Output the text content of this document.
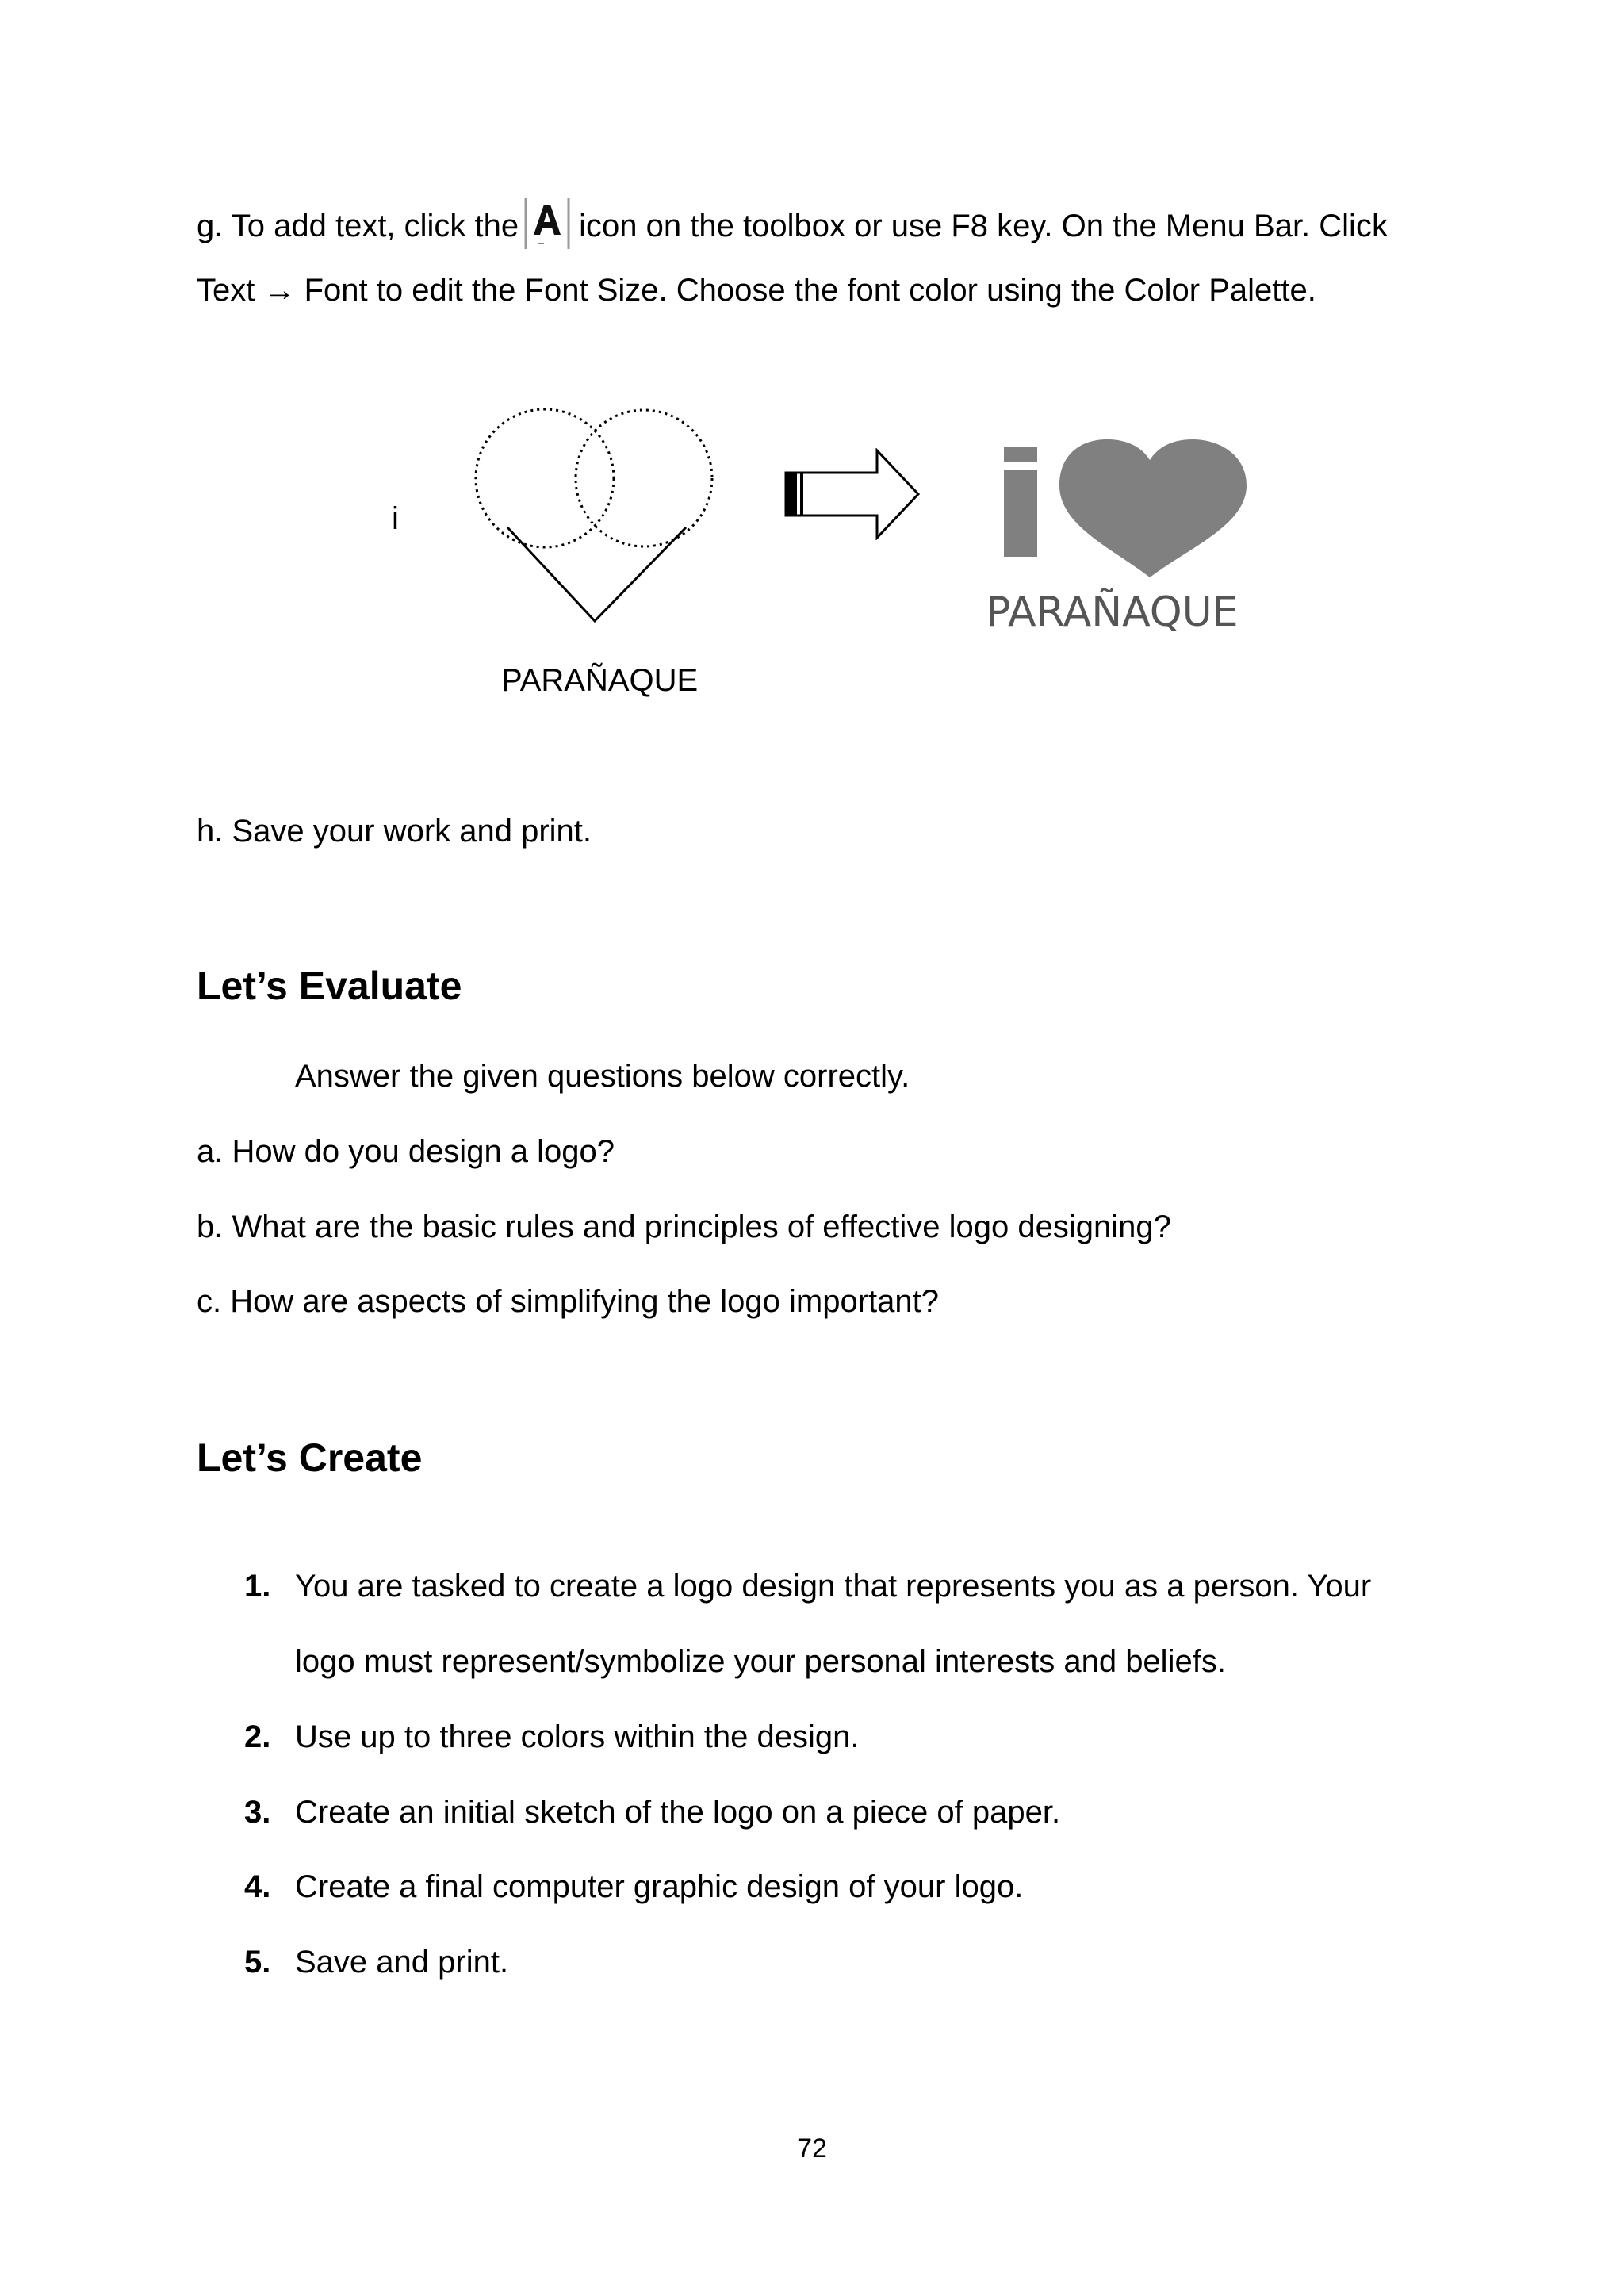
g. To add text, click the icon on the toolbox or use F8 key. On the Menu Bar. Click
Text → Font to edit the Font Size. Choose the font color using the Color Palette.
i
PARAÑAQUE
PARAÑAQUE
h. Save your work and print.
Let’s Evaluate
Answer the given questions below correctly.
a. How do you design a logo?
b. What are the basic rules and principles of effective logo designing?
c. How are aspects of simplifying the logo important?
Let’s Create
1. You are tasked to create a logo design that represents you as a person. Your
logo must represent/symbolize your personal interests and beliefs.
2. Use up to three colors within the design.
3. Create an initial sketch of the logo on a piece of paper.
4. Create a final computer graphic design of your logo.
5. Save and print.
72
